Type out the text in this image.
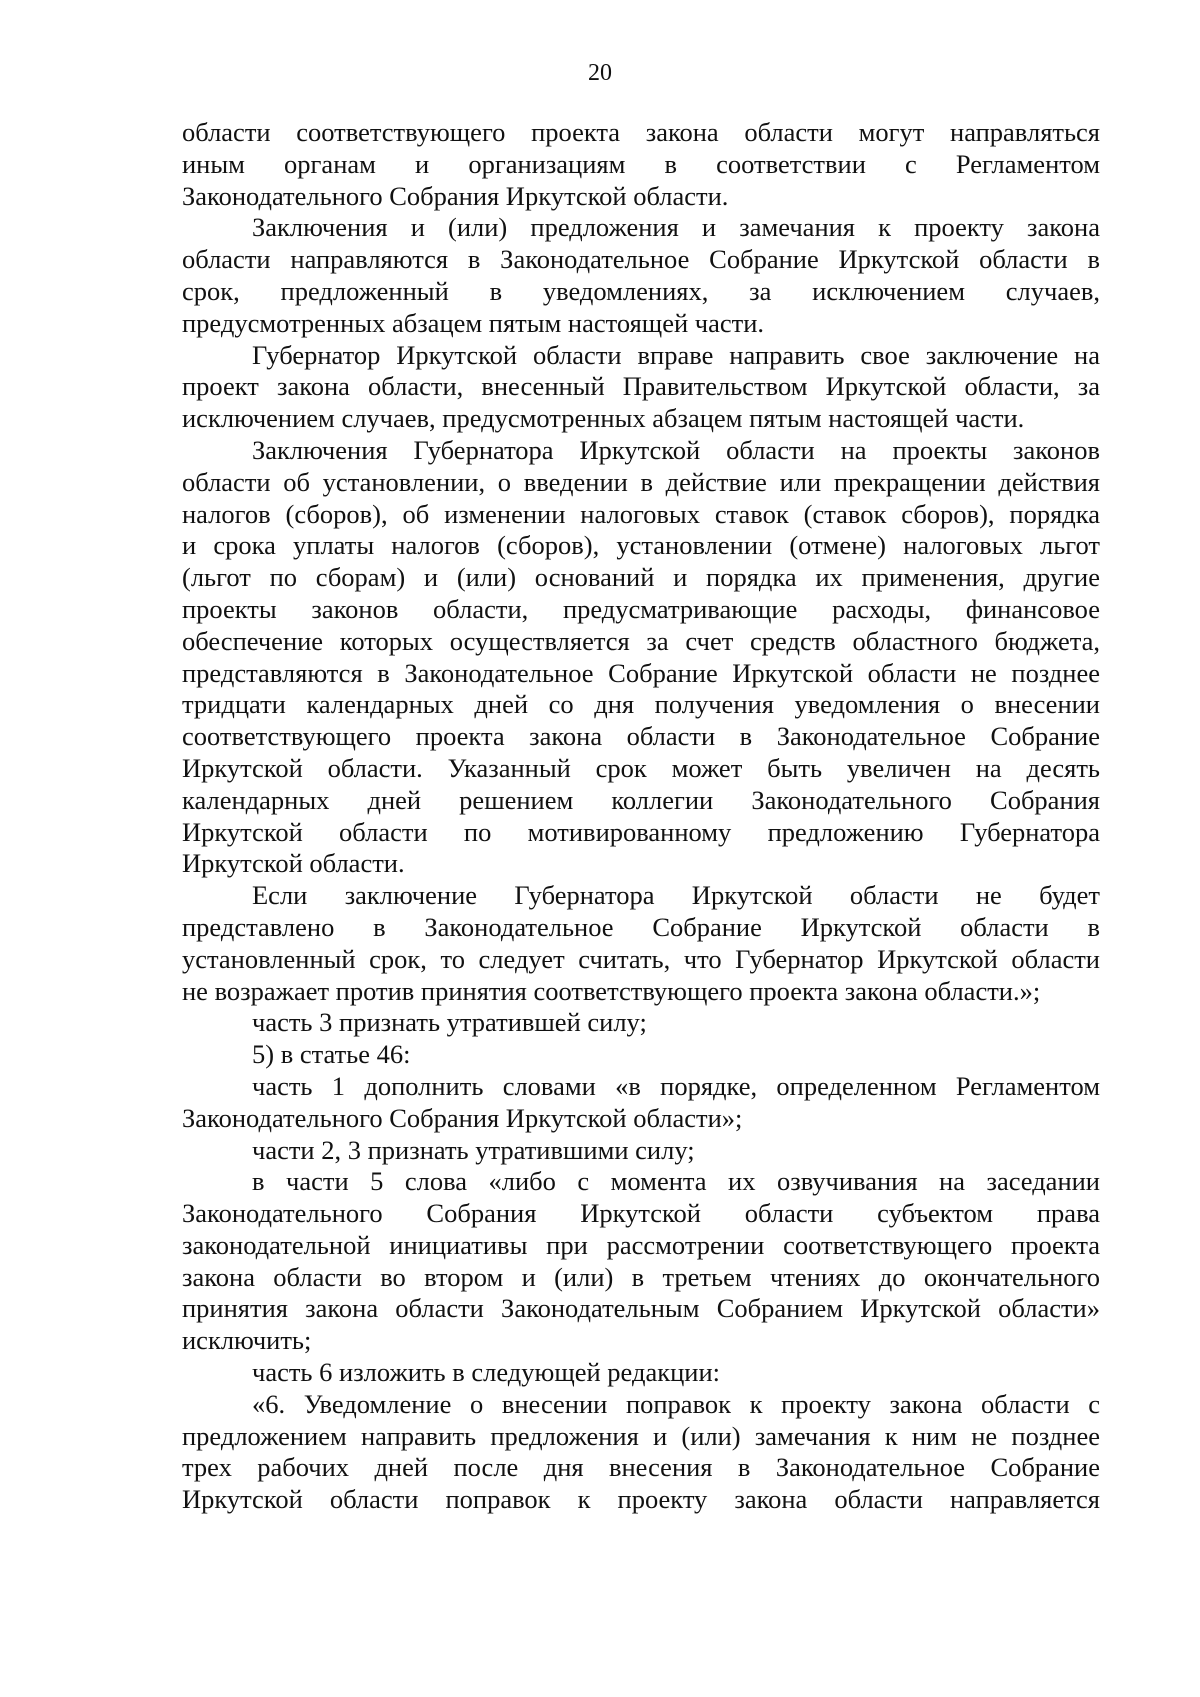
20
области соответствующего проекта закона области могут направляться
иным органам и организациям в соответствии с Регламентом
Законодательного Собрания Иркутской области.
Заключения и (или) предложения и замечания к проекту закона
области направляются в Законодательное Собрание Иркутской области в
срок, предложенный в уведомлениях, за исключением случаев,
предусмотренных абзацем пятым настоящей части.
Губернатор Иркутской области вправе направить свое заключение на
проект закона области, внесенный Правительством Иркутской области, за
исключением случаев, предусмотренных абзацем пятым настоящей части.
Заключения Губернатора Иркутской области на проекты законов
области об установлении, о введении в действие или прекращении действия
налогов (сборов), об изменении налоговых ставок (ставок сборов), порядка
и срока уплаты налогов (сборов), установлении (отмене) налоговых льгот
(льгот по сборам) и (или) оснований и порядка их применения, другие
проекты законов области, предусматривающие расходы, финансовое
обеспечение которых осуществляется за счет средств областного бюджета,
представляются в Законодательное Собрание Иркутской области не позднее
тридцати календарных дней со дня получения уведомления о внесении
соответствующего проекта закона области в Законодательное Собрание
Иркутской области. Указанный срок может быть увеличен на десять
календарных дней решением коллегии Законодательного Собрания
Иркутской области по мотивированному предложению Губернатора
Иркутской области.
Если заключение Губернатора Иркутской области не будет
представлено в Законодательное Собрание Иркутской области в
установленный срок, то следует считать, что Губернатор Иркутской области
не возражает против принятия соответствующего проекта закона области.»;
часть 3 признать утратившей силу;
5) в статье 46:
часть 1 дополнить словами «в порядке, определенном Регламентом
Законодательного Собрания Иркутской области»;
части 2, 3 признать утратившими силу;
в части 5 слова «либо с момента их озвучивания на заседании
Законодательного Собрания Иркутской области субъектом права
законодательной инициативы при рассмотрении соответствующего проекта
закона области во втором и (или) в третьем чтениях до окончательного
принятия закона области Законодательным Собранием Иркутской области»
исключить;
часть 6 изложить в следующей редакции:
«6. Уведомление о внесении поправок к проекту закона области с
предложением направить предложения и (или) замечания к ним не позднее
трех рабочих дней после дня внесения в Законодательное Собрание
Иркутской области поправок к проекту закона области направляется
